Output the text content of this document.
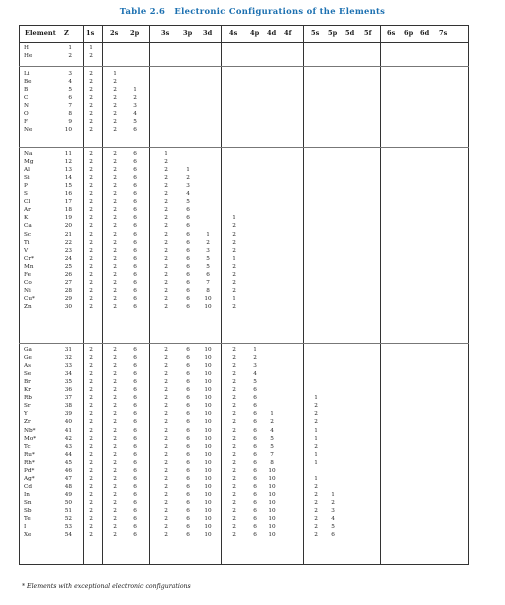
Table 2.6 Electronic Configurations of the Elements
Element Z	1s 2s 2p	3s 3p 3d	4s 4p 4d 4f	5s 5p 5d 5f 6s 6p 6d 7s
H	1	1
He	2	2
Li	3	2	1
Be	4	2	2
B	5	2	2	1
C	6	2	2	2
N	7	2	2	3
O	8	2	2	4
F	9	2	2	5
Ne	10	2	2	6
Na	11	2	2	6	1
Mg	12	2	2	6	2
Al	13	2	2	6	2	1
Si	14	2	2	6	2	2
P	15	2	2	6	2	3
S	16	2	2	6	2	4
Cl	17	2	2	6	2	5
Ar	18	2	2	6	2	6
K	19	2	2	6	2	6	1
Ca	20	2	2	6	2	6	2
Sc	21	2	2	6	2	6	1	2
Ti	22	2	2	6	2	6	2	2
V	23	2	2	6	2	6	3	2
Cr*	24	2	2	6	2	6	5	1
Mn	25	2	2	6	2	6	5	2
Fe	26	2	2	6	2	6	6	2
Co	27	2	2	6	2	6	7	2
Ni	28	2	2	6	2	6	8	2
Cu*	29	2	2	6	2	6	10	1
Zn	30	2	2	6	2	6	10	2
Ga	31	2	2	6	2	6	10	2	1
Ge	32	2	2	6	2	6	10	2	2
As	33	2	2	6	2	6	10	2	3
Se	34	2	2	6	2	6	10	2	4
Br	35	2	2	6	2	6	10	2	5
Kr	36	2	2	6	2	6	10	2	6
Rb	37	2	2	6	2	6	10	2	6	1
Sr	38	2	2	6	2	6	10	2	6	2
Y	39	2	2	6	2	6	10	2	6	1	2
Zr	40	2	2	6	2	6	10	2	6	2	2
Nb*	41	2	2	6	2	6	10	2	6	4	1
Mo*	42	2	2	6	2	6	10	2	6	5	1
Tc	43	2	2	6	2	6	10	2	6	5	2
Ru*	44	2	2	6	2	6	10	2	6	7	1
Rh*	45	2	2	6	2	6	10	2	6	8	1
Pd*	46	2	2	6	2	6	10	2	6	10
Ag*	47	2	2	6	2	6	10	2	6	10	1
Cd	48	2	2	6	2	6	10	2	6	10	2
In	49	2	2	6	2	6	10	2	6	10	2	1
Sn	50	2	2	6	2	6	10	2	6	10	2	2
Sb	51	2	2	6	2	6	10	2	6	10	2	3
Te	52	2	2	6	2	6	10	2	6	10	2	4
I	53	2	2	6	2	6	10	2	6	10	2	5
Xe	54	2	2	6	2	6	10	2	6	10	2	6
* Elements with exceptional electronic configurations
